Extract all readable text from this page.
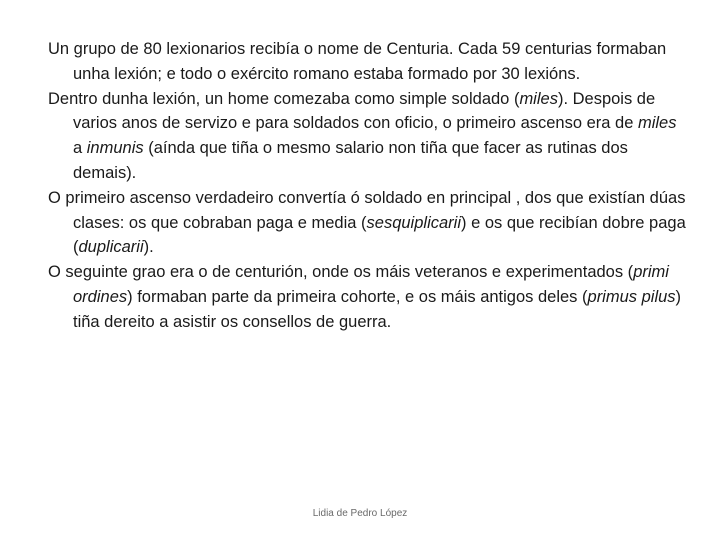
Un grupo de 80 lexionarios recibía o nome de Centuria. Cada 59 centurias formaban unha lexión; e todo o exército romano estaba formado por 30 lexións.

Dentro dunha lexión, un home comezaba como simple soldado (miles). Despois de varios anos de servizo e para soldados con oficio, o primeiro ascenso era de miles a inmunis (aínda que tiña o mesmo salario non tiña que facer as rutinas dos demais).

O primeiro ascenso verdadeiro convertía ó soldado en principal , dos que existían dúas clases: os que cobraban paga e media (sesquiplicarii) e os que recibían dobre paga (duplicarii).

O seguinte grao era o de centurión, onde os máis veteranos e experimentados (primi ordines) formaban parte da primeira cohorte, e os máis antigos deles (primus pilus) tiña dereito a asistir os consellos de guerra.

Lidia de Pedro López
